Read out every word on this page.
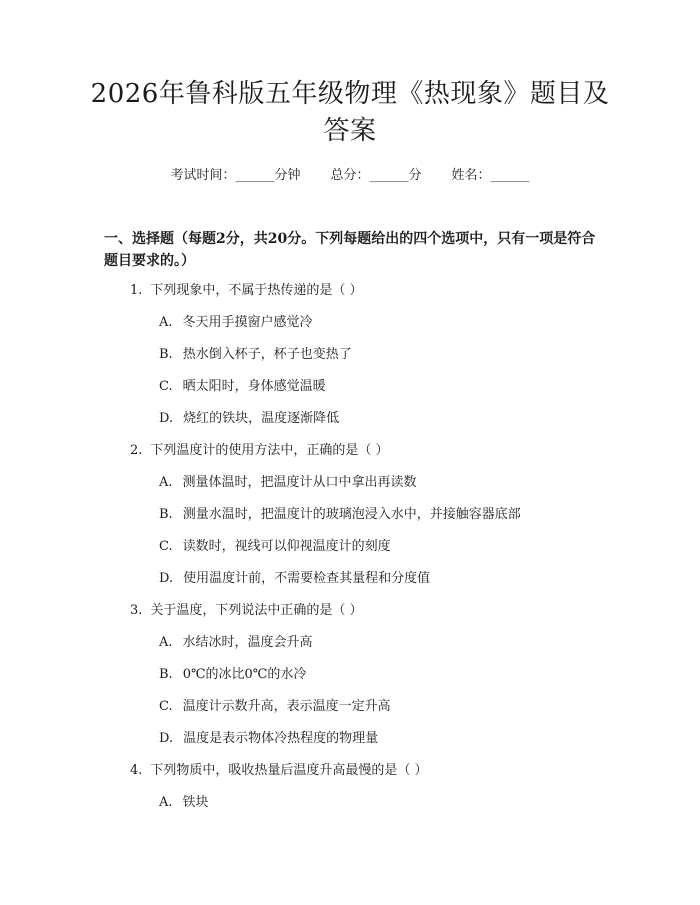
2026年鲁科版五年级物理《热现象》题目及答案
考试时间：______分钟 总分：______分 姓名：______
一、选择题（每题2分，共20分。下列每题给出的四个选项中，只有一项是符合题目要求的。）
1. 下列现象中，不属于热传递的是（ ）
A. 冬天用手摸窗户感觉冷
B. 热水倒入杯子，杯子也变热了
C. 晒太阳时，身体感觉温暖
D. 烧红的铁块，温度逐渐降低
2. 下列温度计的使用方法中，正确的是（ ）
A. 测量体温时，把温度计从口中拿出再读数
B. 测量水温时，把温度计的玻璃泡浸入水中，并接触容器底部
C. 读数时，视线可以仰视温度计的刻度
D. 使用温度计前，不需要检查其量程和分度值
3. 关于温度，下列说法中正确的是（ ）
A. 水结冰时，温度会升高
B. 0℃的冰比0℃的水冷
C. 温度计示数升高，表示温度一定升高
D. 温度是表示物体冷热程度的物理量
4. 下列物质中，吸收热量后温度升高最慢的是（ ）
A. 铁块
